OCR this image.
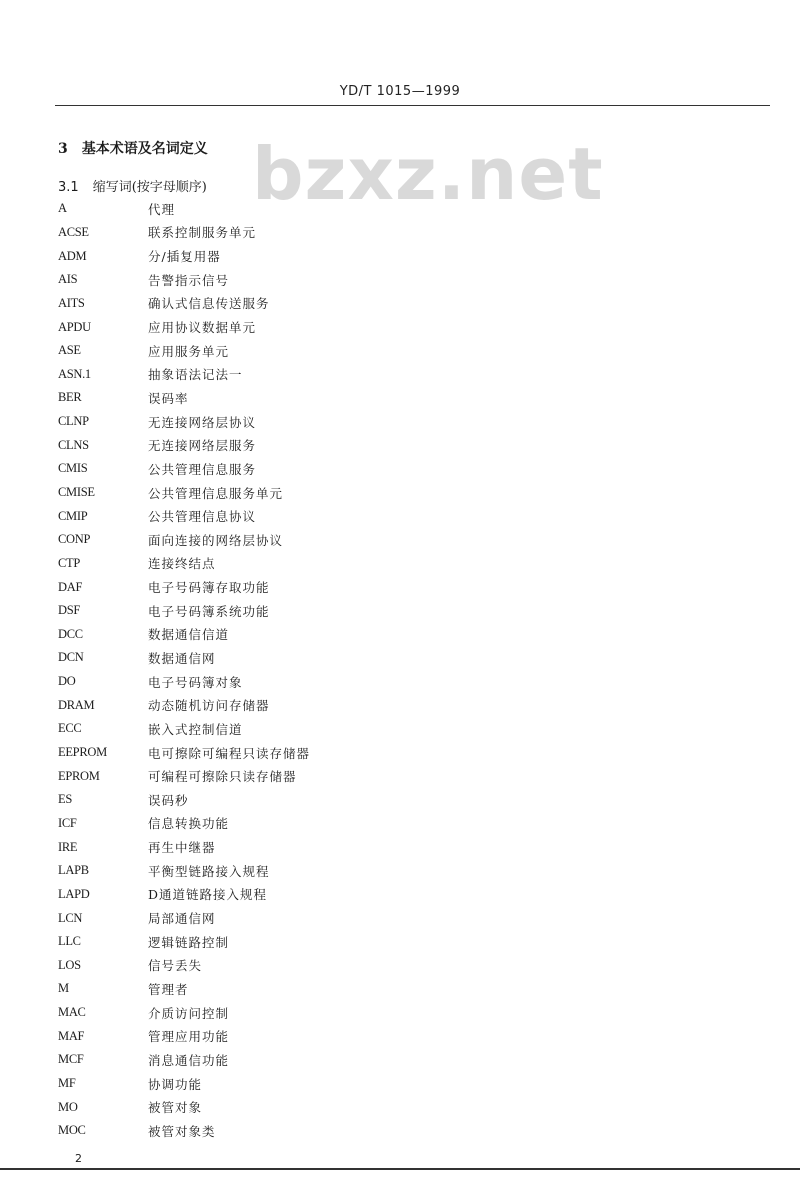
YD/T 1015—1999
bzxz.net
3 基本术语及名词定义
3.1 缩写词(按字母顺序)
A	代理
ACSE	联系控制服务单元
ADM	分/插复用器
AIS	告警指示信号
AITS	确认式信息传送服务
APDU	应用协议数据单元
ASE	应用服务单元
ASN.1	抽象语法记法一
BER	误码率
CLNP	无连接网络层协议
CLNS	无连接网络层服务
CMIS	公共管理信息服务
CMISE	公共管理信息服务单元
CMIP	公共管理信息协议
CONP	面向连接的网络层协议
CTP	连接终结点
DAF	电子号码簿存取功能
DSF	电子号码簿系统功能
DCC	数据通信信道
DCN	数据通信网
DO	电子号码簿对象
DRAM	动态随机访问存储器
ECC	嵌入式控制信道
EEPROM	电可擦除可编程只读存储器
EPROM	可编程可擦除只读存储器
ES	误码秒
ICF	信息转换功能
IRE	再生中继器
LAPB	平衡型链路接入规程
LAPD	D通道链路接入规程
LCN	局部通信网
LLC	逻辑链路控制
LOS	信号丢失
M	管理者
MAC	介质访问控制
MAF	管理应用功能
MCF	消息通信功能
MF	协调功能
MO	被管对象
MOC	被管对象类
2
